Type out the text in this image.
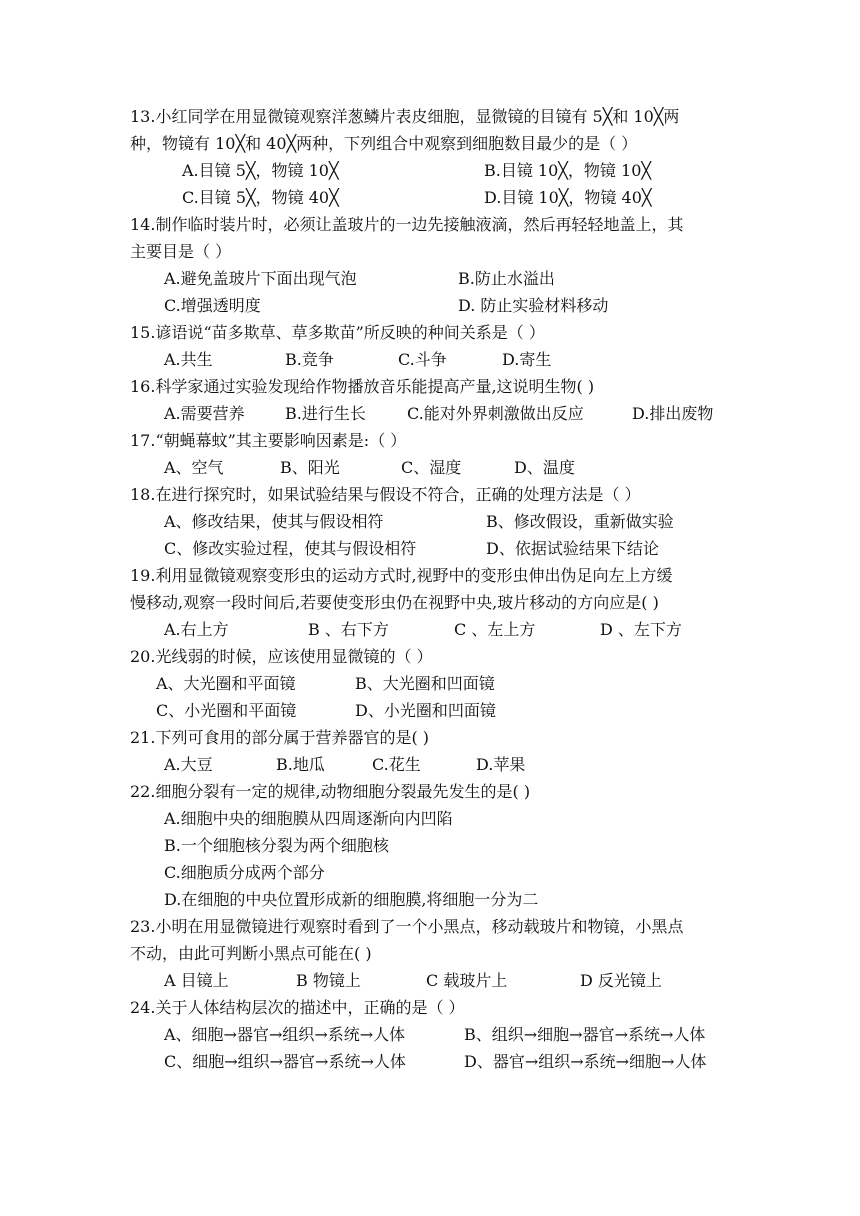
13.小红同学在用显微镜观察洋葱鳞片表皮细胞，显微镜的目镜有 5╳和 10╳两
种，物镜有 10╳和 40╳两种，下列组合中观察到细胞数目最少的是（ ）
A.目镜 5╳，物镜 10╳	B.目镜 10╳，物镜 10╳
C.目镜 5╳，物镜 40╳	D.目镜 10╳，物镜 40╳
14.制作临时装片时，必须让盖玻片的一边先接触液滴，然后再轻轻地盖上，其
主要目是（ ）
A.避免盖玻片下面出现气泡	B.防止水溢出
C.增强透明度	D. 防止实验材料移动
15.谚语说“苗多欺草、草多欺苗”所反映的种间关系是（ ）
A.共生	B.竞争	C.斗争	D.寄生
16.科学家通过实验发现给作物播放音乐能提高产量,这说明生物( )
A.需要营养	B.进行生长	C.能对外界刺激做出反应	D.排出废物
17.“朝蝇幕蚊”其主要影响因素是:（ ）
A、空气	B、阳光	C、湿度	D、温度
18.在进行探究时，如果试验结果与假设不符合，正确的处理方法是（ ）
A、修改结果，使其与假设相符	B、修改假设，重新做实验
C、修改实验过程，使其与假设相符	D、依据试验结果下结论
19.利用显微镜观察变形虫的运动方式时,视野中的变形虫伸出伪足向左上方缓
慢移动,观察一段时间后,若要使变形虫仍在视野中央,玻片移动的方向应是( )
A.右上方	B 、右下方	C 、左上方	D 、左下方
20.光线弱的时候，应该使用显微镜的（ ）
A、大光圈和平面镜	B、大光圈和凹面镜
C、小光圈和平面镜	D、小光圈和凹面镜
21.下列可食用的部分属于营养器官的是( )
A.大豆	B.地瓜	C.花生	D.苹果
22.细胞分裂有一定的规律,动物细胞分裂最先发生的是( )
A.细胞中央的细胞膜从四周逐渐向内凹陷
B.一个细胞核分裂为两个细胞核
C.细胞质分成两个部分
D.在细胞的中央位置形成新的细胞膜,将细胞一分为二
23.小明在用显微镜进行观察时看到了一个小黑点，移动载玻片和物镜，小黑点
不动，由此可判断小黑点可能在( )
A 目镜上	B 物镜上	C 载玻片上	D 反光镜上
24.关于人体结构层次的描述中，正确的是（ ）
A、细胞→器官→组织→系统→人体	B、组织→细胞→器官→系统→人体
C、细胞→组织→器官→系统→人体	D、器官→组织→系统→细胞→人体
